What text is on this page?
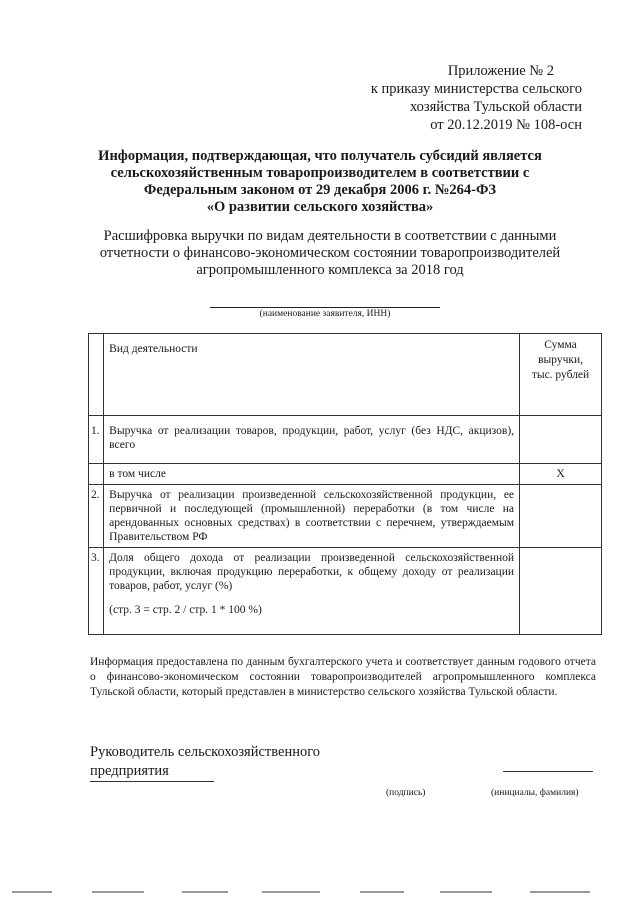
Приложение № 2
к приказу министерства сельского
хозяйства Тульской области
от 20.12.2019 № 108-осн
Информация, подтверждающая, что получатель субсидий является
сельскохозяйственным товаропроизводителем в соответствии с
Федеральным законом от 29 декабря 2006 г. №264-ФЗ
«О развитии сельского хозяйства»
Расшифровка выручки по видам деятельности в соответствии с данными
отчетности о финансово-экономическом состоянии товаропроизводителей
агропромышленного комплекса за 2018 год
(наименование заявителя, ИНН)
	Вид деятельности	Сумма
выручки,
тыс. рублей

1.	Выручка от реализации товаров, продукции, работ, услуг (без НДС, акцизов), всего	
	в том числе	X
2.	Выручка от реализации произведенной сельскохозяйственной продукции, ее первичной и последующей (промышленной) переработки (в том числе на арендованных основных средствах) в соответствии с перечнем, утверждаемым Правительством РФ	
3.	Доля общего дохода от реализации произведенной сельскохозяйственной продукции, включая продукцию переработки, к общему доходу от реализации товаров, работ, услуг (%)
(стр. 3 = стр. 2 / стр. 1 * 100 %)	

Информация предоставлена по данным бухгалтерского учета и соответствует данным годового отчета о финансово-экономическом состоянии товаропроизводителей агропромышленного комплекса Тульской области, который представлен в министерство сельского хозяйства Тульской области.
Руководитель сельскохозяйственного
предприятия
(подпись)	(инициалы, фамилия)
